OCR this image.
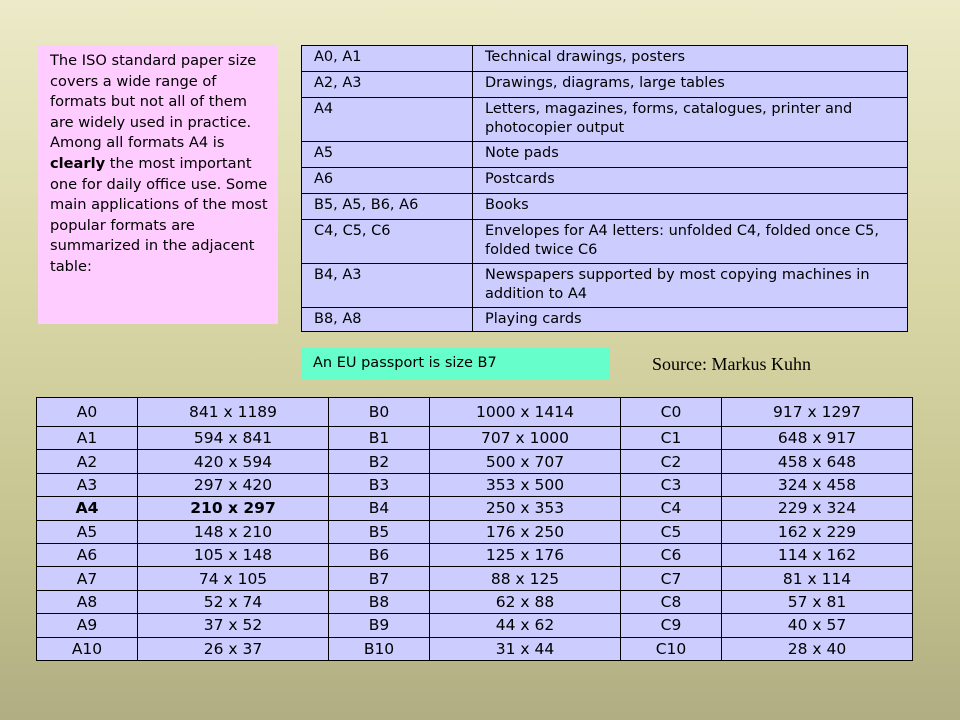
The ISO standard paper size covers a wide range of formats but not all of them are widely used in practice. Among all formats A4 is clearly the most important one for daily office use. Some main applications of the most popular formats are summarized in the adjacent table:
A0, A1	Technical drawings, posters
A2, A3	Drawings, diagrams, large tables
A4	Letters, magazines, forms, catalogues, printer and photocopier output
A5	Note pads
A6	Postcards
B5, A5, B6, A6	Books
C4, C5, C6	Envelopes for A4 letters: unfolded C4, folded once C5, folded twice C6
B4, A3	Newspapers supported by most copying machines in addition to A4
B8, A8	Playing cards
An EU passport is size B7	Source: Markus Kuhn
A0	841 x 1189	B0	1000 x 1414	C0	917 x 1297
A1	594 x 841	B1	707 x 1000	C1	648 x 917
A2	420 x 594	B2	500 x 707	C2	458 x 648
A3	297 x 420	B3	353 x 500	C3	324 x 458
A4	210 x 297	B4	250 x 353	C4	229 x 324
A5	148 x 210	B5	176 x 250	C5	162 x 229
A6	105 x 148	B6	125 x 176	C6	114 x 162
A7	74 x 105	B7	88 x 125	C7	81 x 114
A8	52 x 74	B8	62 x 88	C8	57 x 81
A9	37 x 52	B9	44 x 62	C9	40 x 57
A10	26 x 37	B10	31 x 44	C10	28 x 40
